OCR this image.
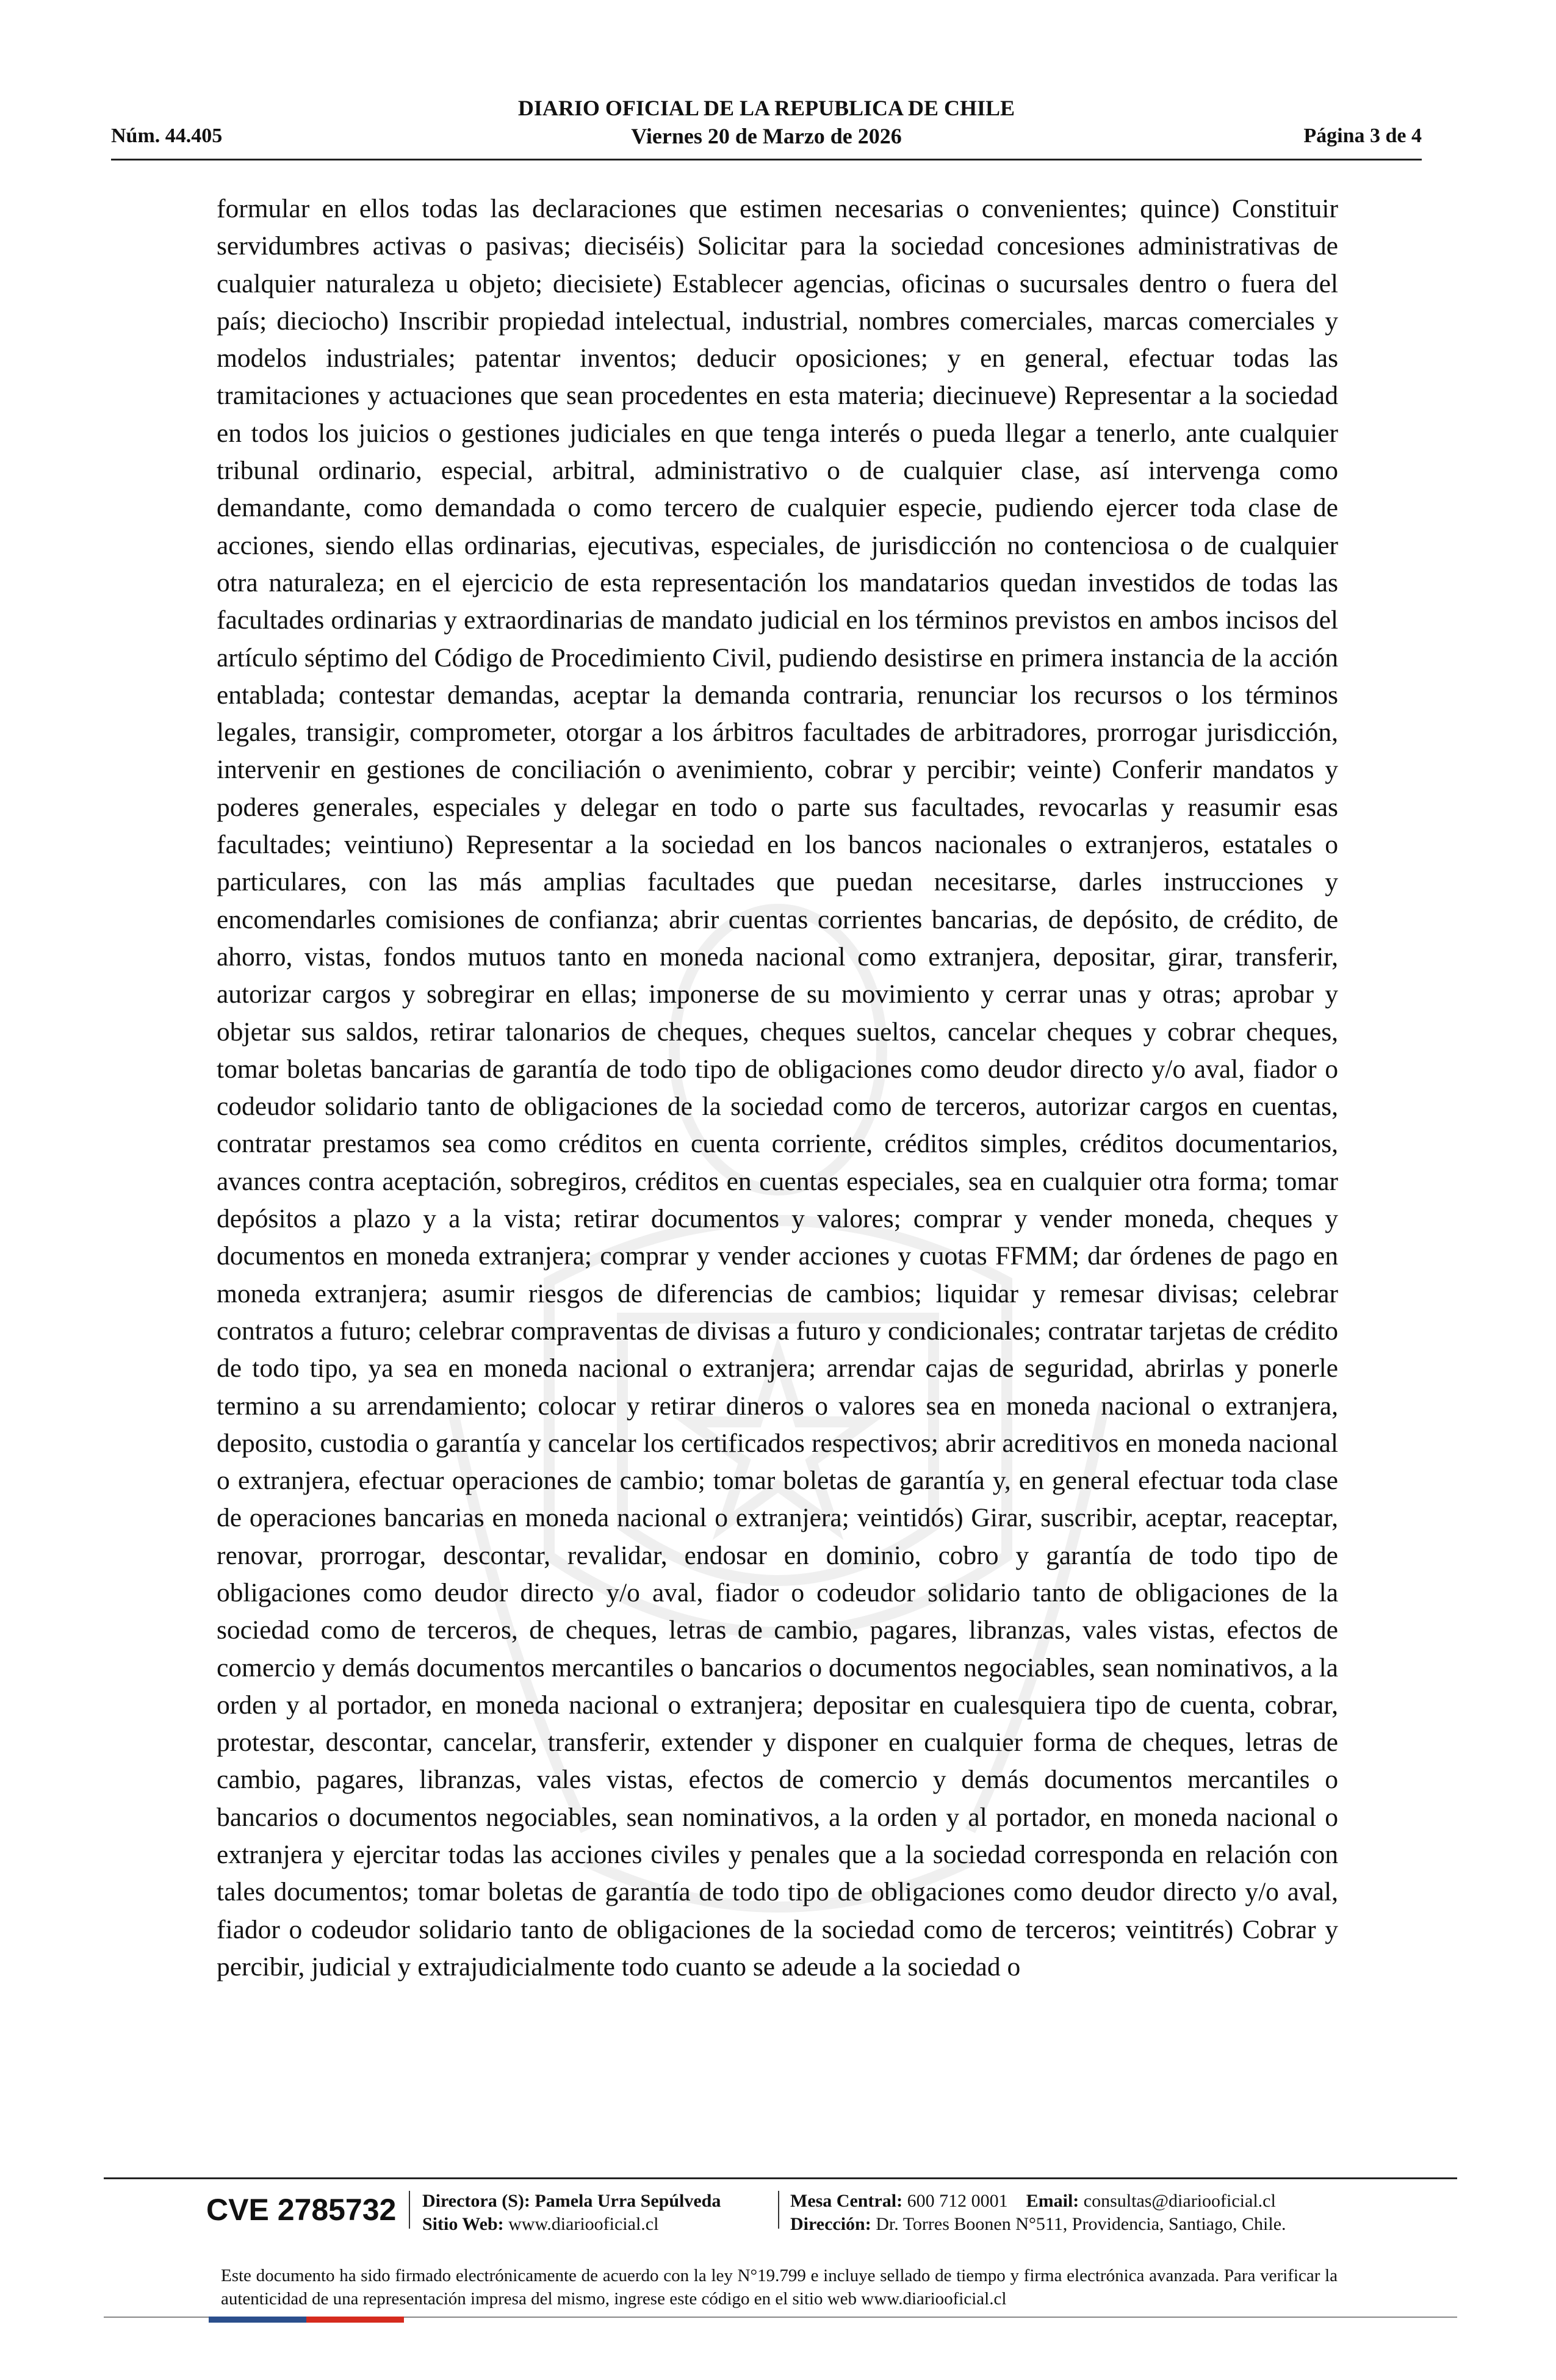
Núm. 44.405
DIARIO OFICIAL DE LA REPUBLICA DE CHILE
Viernes 20 de Marzo de 2026	Página 3 de 4
formular en ellos todas las declaraciones que estimen necesarias o convenientes; quince) Constituir servidumbres activas o pasivas; dieciséis) Solicitar para la sociedad concesiones administrativas de cualquier naturaleza u objeto; diecisiete) Establecer agencias, oficinas o sucursales dentro o fuera del país; dieciocho) Inscribir propiedad intelectual, industrial, nombres comerciales, marcas comerciales y modelos industriales; patentar inventos; deducir oposiciones; y en general, efectuar todas las tramitaciones y actuaciones que sean procedentes en esta materia; diecinueve) Representar a la sociedad en todos los juicios o gestiones judiciales en que tenga interés o pueda llegar a tenerlo, ante cualquier tribunal ordinario, especial, arbitral, administrativo o de cualquier clase, así intervenga como demandante, como demandada o como tercero de cualquier especie, pudiendo ejercer toda clase de acciones, siendo ellas ordinarias, ejecutivas, especiales, de jurisdicción no contenciosa o de cualquier otra naturaleza; en el ejercicio de esta representación los mandatarios quedan investidos de todas las facultades ordinarias y extraordinarias de mandato judicial en los términos previstos en ambos incisos del artículo séptimo del Código de Procedimiento Civil, pudiendo desistirse en primera instancia de la acción entablada; contestar demandas, aceptar la demanda contraria, renunciar los recursos o los términos legales, transigir, comprometer, otorgar a los árbitros facultades de arbitradores, prorrogar jurisdicción, intervenir en gestiones de conciliación o avenimiento, cobrar y percibir; veinte) Conferir mandatos y poderes generales, especiales y delegar en todo o parte sus facultades, revocarlas y reasumir esas facultades; veintiuno) Representar a la sociedad en los bancos nacionales o extranjeros, estatales o particulares, con las más amplias facultades que puedan necesitarse, darles instrucciones y encomendarles comisiones de confianza; abrir cuentas corrientes bancarias, de depósito, de crédito, de ahorro, vistas, fondos mutuos tanto en moneda nacional como extranjera, depositar, girar, transferir, autorizar cargos y sobregirar en ellas; imponerse de su movimiento y cerrar unas y otras; aprobar y objetar sus saldos, retirar talonarios de cheques, cheques sueltos, cancelar cheques y cobrar cheques, tomar boletas bancarias de garantía de todo tipo de obligaciones como deudor directo y/o aval, fiador o codeudor solidario tanto de obligaciones de la sociedad como de terceros, autorizar cargos en cuentas, contratar prestamos sea como créditos en cuenta corriente, créditos simples, créditos documentarios, avances contra aceptación, sobregiros, créditos en cuentas especiales, sea en cualquier otra forma; tomar depósitos a plazo y a la vista; retirar documentos y valores; comprar y vender moneda, cheques y documentos en moneda extranjera; comprar y vender acciones y cuotas FFMM; dar órdenes de pago en moneda extranjera; asumir riesgos de diferencias de cambios; liquidar y remesar divisas; celebrar contratos a futuro; celebrar compraventas de divisas a futuro y condicionales; contratar tarjetas de crédito de todo tipo, ya sea en moneda nacional o extranjera; arrendar cajas de seguridad, abrirlas y ponerle termino a su arrendamiento; colocar y retirar dineros o valores sea en moneda nacional o extranjera, deposito, custodia o garantía y cancelar los certificados respectivos; abrir acreditivos en moneda nacional o extranjera, efectuar operaciones de cambio; tomar boletas de garantía y, en general efectuar toda clase de operaciones bancarias en moneda nacional o extranjera; veintidós) Girar, suscribir, aceptar, reaceptar, renovar, prorrogar, descontar, revalidar, endosar en dominio, cobro y garantía de todo tipo de obligaciones como deudor directo y/o aval, fiador o codeudor solidario tanto de obligaciones de la sociedad como de terceros, de cheques, letras de cambio, pagares, libranzas, vales vistas, efectos de comercio y demás documentos mercantiles o bancarios o documentos negociables, sean nominativos, a la orden y al portador, en moneda nacional o extranjera; depositar en cualesquiera tipo de cuenta, cobrar, protestar, descontar, cancelar, transferir, extender y disponer en cualquier forma de cheques, letras de cambio, pagares, libranzas, vales vistas, efectos de comercio y demás documentos mercantiles o bancarios o documentos negociables, sean nominativos, a la orden y al portador, en moneda nacional o extranjera y ejercitar todas las acciones civiles y penales que a la sociedad corresponda en relación con tales documentos; tomar boletas de garantía de todo tipo de obligaciones como deudor directo y/o aval, fiador o codeudor solidario tanto de obligaciones de la sociedad como de terceros; veintitrés) Cobrar y percibir, judicial y extrajudicialmente todo cuanto se adeude a la sociedad o
CVE 2785732 Directora (S): Pamela Urra Sepúlveda
Sitio Web: www.diariooficial.cl
Mesa Central: 600 712 0001 Email: consultas@diariooficial.cl
Dirección: Dr. Torres Boonen N°511, Providencia, Santiago, Chile.
Este documento ha sido firmado electrónicamente de acuerdo con la ley N°19.799 e incluye sellado de tiempo y firma electrónica avanzada. Para verificar la autenticidad de una representación impresa del mismo, ingrese este código en el sitio web www.diariooficial.cl
